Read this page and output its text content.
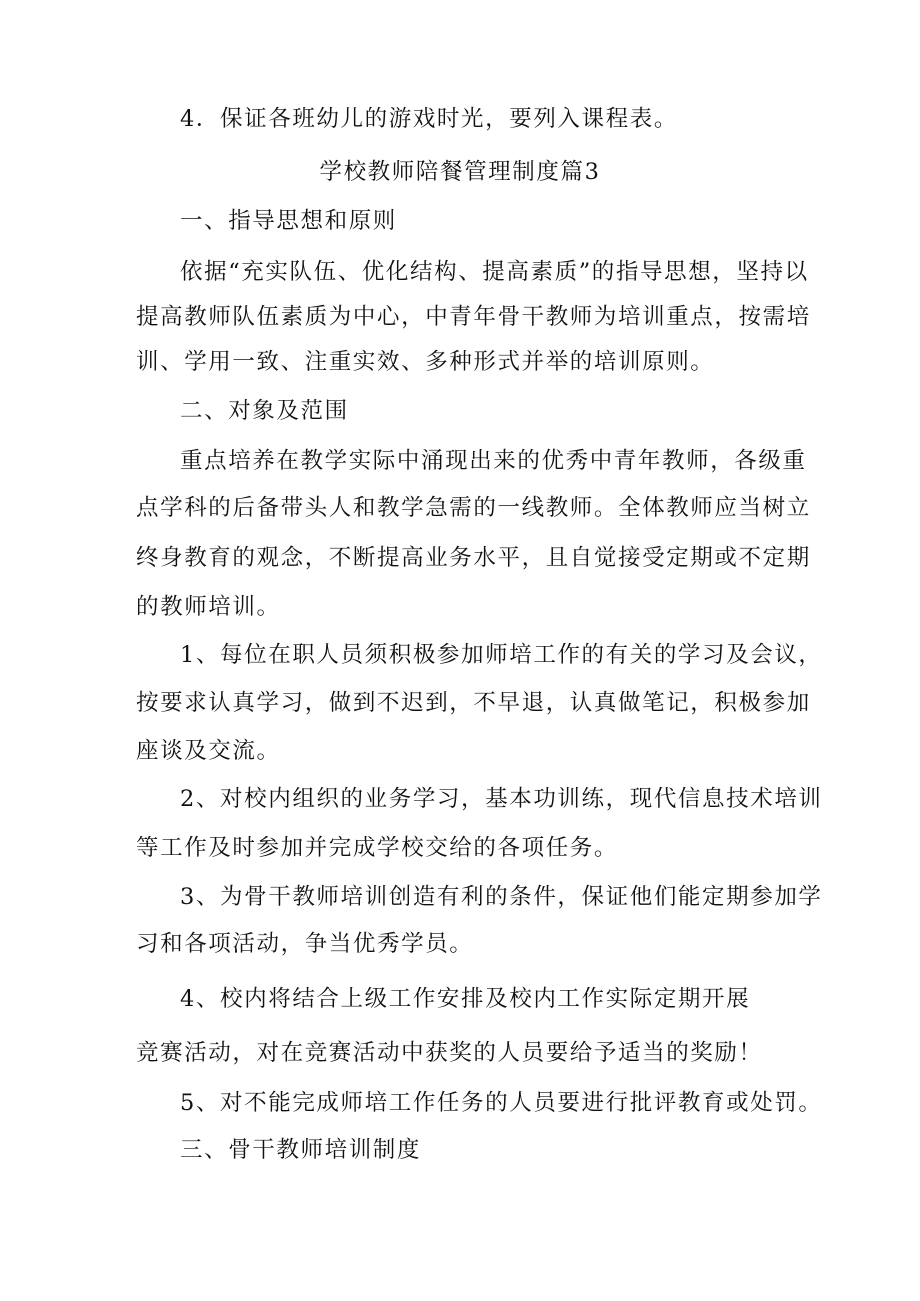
4．保证各班幼儿的游戏时光，要列入课程表。
学校教师陪餐管理制度篇3
一、指导思想和原则
依据“充实队伍、优化结构、提高素质”的指导思想，坚持以
提高教师队伍素质为中心，中青年骨干教师为培训重点，按需培
训、学用一致、注重实效、多种形式并举的培训原则。
二、对象及范围
重点培养在教学实际中涌现出来的优秀中青年教师，各级重
点学科的后备带头人和教学急需的一线教师。全体教师应当树立
终身教育的观念，不断提高业务水平，且自觉接受定期或不定期
的教师培训。
1、每位在职人员须积极参加师培工作的有关的学习及会议，
按要求认真学习，做到不迟到，不早退，认真做笔记，积极参加
座谈及交流。
2、对校内组织的业务学习，基本功训练，现代信息技术培训
等工作及时参加并完成学校交给的各项任务。
3、为骨干教师培训创造有利的条件，保证他们能定期参加学
习和各项活动，争当优秀学员。
4、校内将结合上级工作安排及校内工作实际定期开展
竞赛活动，对在竞赛活动中获奖的人员要给予适当的奖励！
5、对不能完成师培工作任务的人员要进行批评教育或处罚。
三、骨干教师培训制度
